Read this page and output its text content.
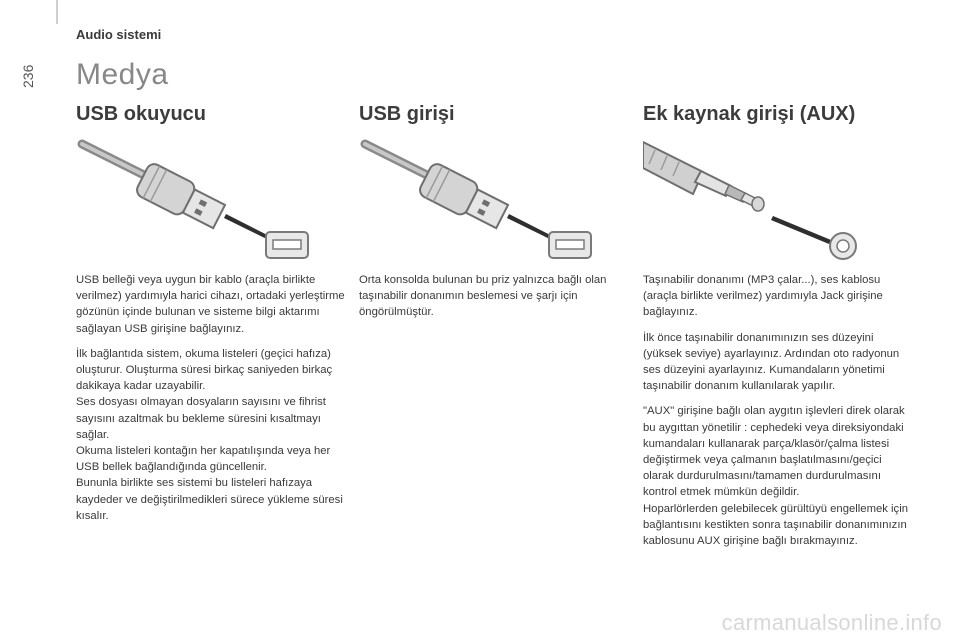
236
Audio sistemi
Medya
USB okuyucu

USB belleği veya uygun bir kablo (araçla birlikte verilmez) yardımıyla harici cihazı, ortadaki yerleştirme gözünün içinde bulunan ve sisteme bilgi aktarımı sağlayan USB girişine bağlayınız.

İlk bağlantıda sistem, okuma listeleri (geçici hafıza) oluşturur. Oluşturma süresi birkaç saniyeden birkaç dakikaya kadar uzayabilir.

Ses dosyası olmayan dosyaların sayısını ve fihrist sayısını azaltmak bu bekleme süresini kısaltmayı sağlar.

Okuma listeleri kontağın her kapatılışında veya her USB bellek bağlandığında güncellenir.

Bununla birlikte ses sistemi bu listeleri hafızaya kaydeder ve değiştirilmedikleri sürece yükleme süresi kısalır.

USB girişi

Orta konsolda bulunan bu priz yalnızca bağlı olan taşınabilir donanımın beslemesi ve şarjı için öngörülmüştür.

Ek kaynak girişi (AUX)

Taşınabilir donanımı (MP3 çalar...), ses kablosu (araçla birlikte verilmez) yardımıyla Jack girişine bağlayınız.

İlk önce taşınabilir donanımınızın ses düzeyini (yüksek seviye) ayarlayınız. Ardından oto radyonun ses düzeyini ayarlayınız. Kumandaların yönetimi taşınabilir donanım kullanılarak yapılır.

"AUX" girişine bağlı olan aygıtın işlevleri direk olarak bu aygıttan yönetilir : cephedeki veya direksiyondaki kumandaları kullanarak parça/klasör/çalma listesi değiştirmek veya çalmanın başlatılmasını/geçici olarak durdurulmasını/tamamen durdurulmasını kontrol etmek mümkün değildir.

Hoparlörlerden gelebilecek gürültüyü engellemek için bağlantısını kestikten sonra taşınabilir donanımınızın kablosunu AUX girişine bağlı bırakmayınız.

carmanualsonline.info
